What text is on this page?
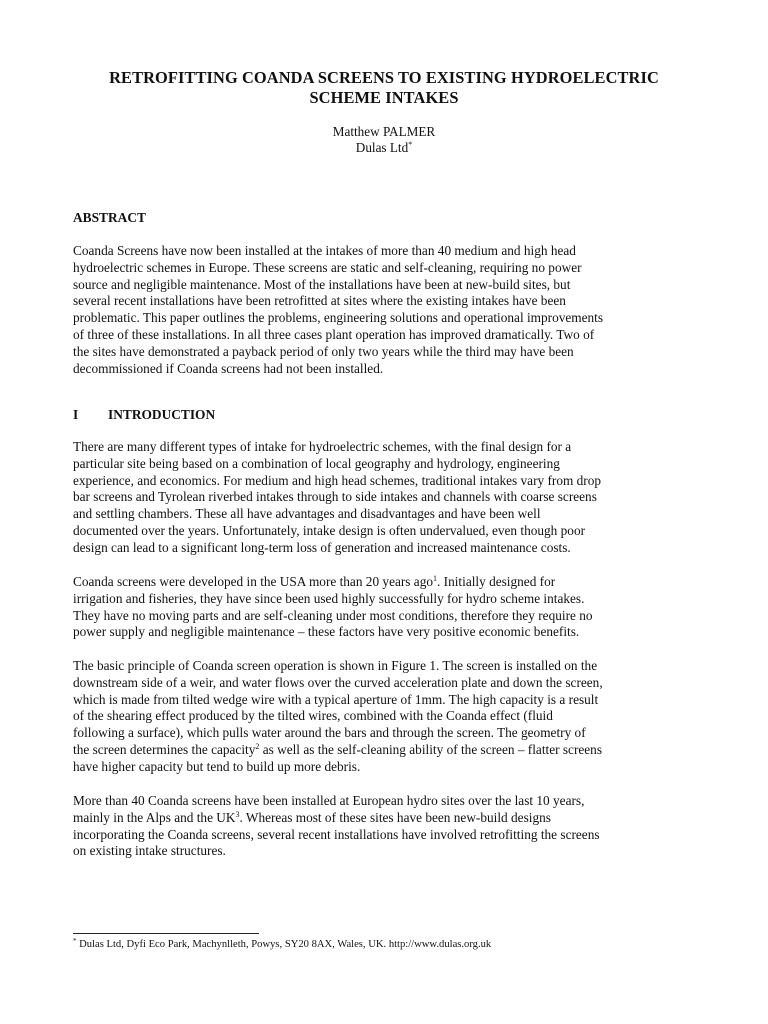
RETROFITTING COANDA SCREENS TO EXISTING HYDROELECTRIC
SCHEME INTAKES
Matthew PALMER
Dulas Ltd*
ABSTRACT
Coanda Screens have now been installed at the intakes of more than 40 medium and high head
hydroelectric schemes in Europe. These screens are static and self-cleaning, requiring no power
source and negligible maintenance. Most of the installations have been at new-build sites, but
several recent installations have been retrofitted at sites where the existing intakes have been
problematic. This paper outlines the problems, engineering solutions and operational improvements
of three of these installations. In all three cases plant operation has improved dramatically. Two of
the sites have demonstrated a payback period of only two years while the third may have been
decommissioned if Coanda screens had not been installed.
I INTRODUCTION
There are many different types of intake for hydroelectric schemes, with the final design for a
particular site being based on a combination of local geography and hydrology, engineering
experience, and economics. For medium and high head schemes, traditional intakes vary from drop
bar screens and Tyrolean riverbed intakes through to side intakes and channels with coarse screens
and settling chambers. These all have advantages and disadvantages and have been well
documented over the years. Unfortunately, intake design is often undervalued, even though poor
design can lead to a significant long-term loss of generation and increased maintenance costs.
Coanda screens were developed in the USA more than 20 years ago$^1$. Initially designed for
irrigation and fisheries, they have since been used highly successfully for hydro scheme intakes.
They have no moving parts and are self-cleaning under most conditions, therefore they require no
power supply and negligible maintenance – these factors have very positive economic benefits.
The basic principle of Coanda screen operation is shown in Figure 1. The screen is installed on the
downstream side of a weir, and water flows over the curved acceleration plate and down the screen,
which is made from tilted wedge wire with a typical aperture of 1mm. The high capacity is a result
of the shearing effect produced by the tilted wires, combined with the Coanda effect (fluid
following a surface), which pulls water around the bars and through the screen. The geometry of
the screen determines the capacity$^2$ as well as the self-cleaning ability of the screen – flatter screens
have higher capacity but tend to build up more debris.
More than 40 Coanda screens have been installed at European hydro sites over the last 10 years,
mainly in the Alps and the $UK^3$. Whereas most of these sites have been new-build designs
incorporating the Coanda screens, several recent installations have involved retrofitting the screens
on existing intake structures.
* Dulas Ltd, Dyfi Eco Park, Machynlleth, Powys, SY20 8AX, Wales, UK. http://www.dulas.org.uk
